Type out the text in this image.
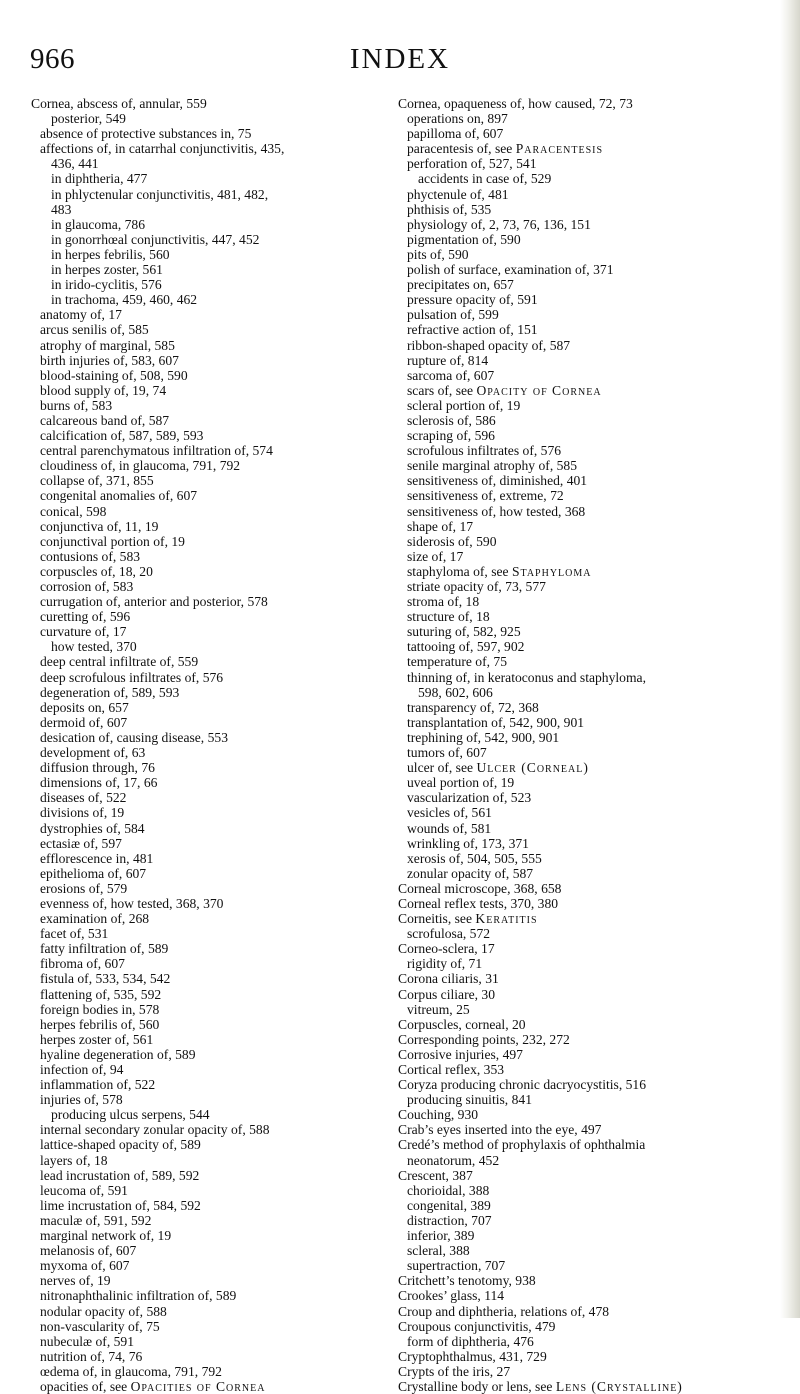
966	INDEX
Cornea, abscess of, annular, 559
posterior, 549
absence of protective substances in, 75
affections of, in catarrhal conjunctivitis, 435,
436, 441
in diphtheria, 477
in phlyctenular conjunctivitis, 481, 482,
483
in glaucoma, 786
in gonorrhœal conjunctivitis, 447, 452
in herpes febrilis, 560
in herpes zoster, 561
in irido-cyclitis, 576
in trachoma, 459, 460, 462
anatomy of, 17
arcus senilis of, 585
atrophy of marginal, 585
birth injuries of, 583, 607
blood-staining of, 508, 590
blood supply of, 19, 74
burns of, 583
calcareous band of, 587
calcification of, 587, 589, 593
central parenchymatous infiltration of, 574
cloudiness of, in glaucoma, 791, 792
collapse of, 371, 855
congenital anomalies of, 607
conical, 598
conjunctiva of, 11, 19
conjunctival portion of, 19
contusions of, 583
corpuscles of, 18, 20
corrosion of, 583
currugation of, anterior and posterior, 578
curetting of, 596
curvature of, 17
how tested, 370
deep central infiltrate of, 559
deep scrofulous infiltrates of, 576
degeneration of, 589, 593
deposits on, 657
dermoid of, 607
desication of, causing disease, 553
development of, 63
diffusion through, 76
dimensions of, 17, 66
diseases of, 522
divisions of, 19
dystrophies of, 584
ectasiæ of, 597
efflorescence in, 481
epithelioma of, 607
erosions of, 579
evenness of, how tested, 368, 370
examination of, 268
facet of, 531
fatty infiltration of, 589
fibroma of, 607
fistula of, 533, 534, 542
flattening of, 535, 592
foreign bodies in, 578
herpes febrilis of, 560
herpes zoster of, 561
hyaline degeneration of, 589
infection of, 94
inflammation of, 522
injuries of, 578
producing ulcus serpens, 544
internal secondary zonular opacity of, 588
lattice-shaped opacity of, 589
layers of, 18
lead incrustation of, 589, 592
leucoma of, 591
lime incrustation of, 584, 592
maculæ of, 591, 592
marginal network of, 19
melanosis of, 607
myxoma of, 607
nerves of, 19
nitronaphthalinic infiltration of, 589
nodular opacity of, 588
non-vascularity of, 75
nubeculæ of, 591
nutrition of, 74, 76
œdema of, in glaucoma, 791, 792
opacities of, see Opacities of Cornea
Cornea, opaqueness of, how caused, 72, 73
operations on, 897
papilloma of, 607
paracentesis of, see Paracentesis
perforation of, 527, 541
accidents in case of, 529
phyctenule of, 481
phthisis of, 535
physiology of, 2, 73, 76, 136, 151
pigmentation of, 590
pits of, 590
polish of surface, examination of, 371
precipitates on, 657
pressure opacity of, 591
pulsation of, 599
refractive action of, 151
ribbon-shaped opacity of, 587
rupture of, 814
sarcoma of, 607
scars of, see Opacity of Cornea
scleral portion of, 19
sclerosis of, 586
scraping of, 596
scrofulous infiltrates of, 576
senile marginal atrophy of, 585
sensitiveness of, diminished, 401
sensitiveness of, extreme, 72
sensitiveness of, how tested, 368
shape of, 17
siderosis of, 590
size of, 17
staphyloma of, see Staphyloma
striate opacity of, 73, 577
stroma of, 18
structure of, 18
suturing of, 582, 925
tattooing of, 597, 902
temperature of, 75
thinning of, in keratoconus and staphyloma,
598, 602, 606
transparency of, 72, 368
transplantation of, 542, 900, 901
trephining of, 542, 900, 901
tumors of, 607
ulcer of, see Ulcer (Corneal)
uveal portion of, 19
vascularization of, 523
vesicles of, 561
wounds of, 581
wrinkling of, 173, 371
xerosis of, 504, 505, 555
zonular opacity of, 587
Corneal microscope, 368, 658
Corneal reflex tests, 370, 380
Corneitis, see Keratitis
scrofulosa, 572
Corneo-sclera, 17
rigidity of, 71
Corona ciliaris, 31
Corpus ciliare, 30
vitreum, 25
Corpuscles, corneal, 20
Corresponding points, 232, 272
Corrosive injuries, 497
Cortical reflex, 353
Coryza producing chronic dacryocystitis, 516
producing sinuitis, 841
Couching, 930
Crab’s eyes inserted into the eye, 497
Credé’s method of prophylaxis of ophthalmia
neonatorum, 452
Crescent, 387
chorioidal, 388
congenital, 389
distraction, 707
inferior, 389
scleral, 388
supertraction, 707
Critchett’s tenotomy, 938
Crookes’ glass, 114
Croup and diphtheria, relations of, 478
Croupous conjunctivitis, 479
form of diphtheria, 476
Cryptophthalmus, 431, 729
Crypts of the iris, 27
Crystalline body or lens, see Lens (Crystalline)
